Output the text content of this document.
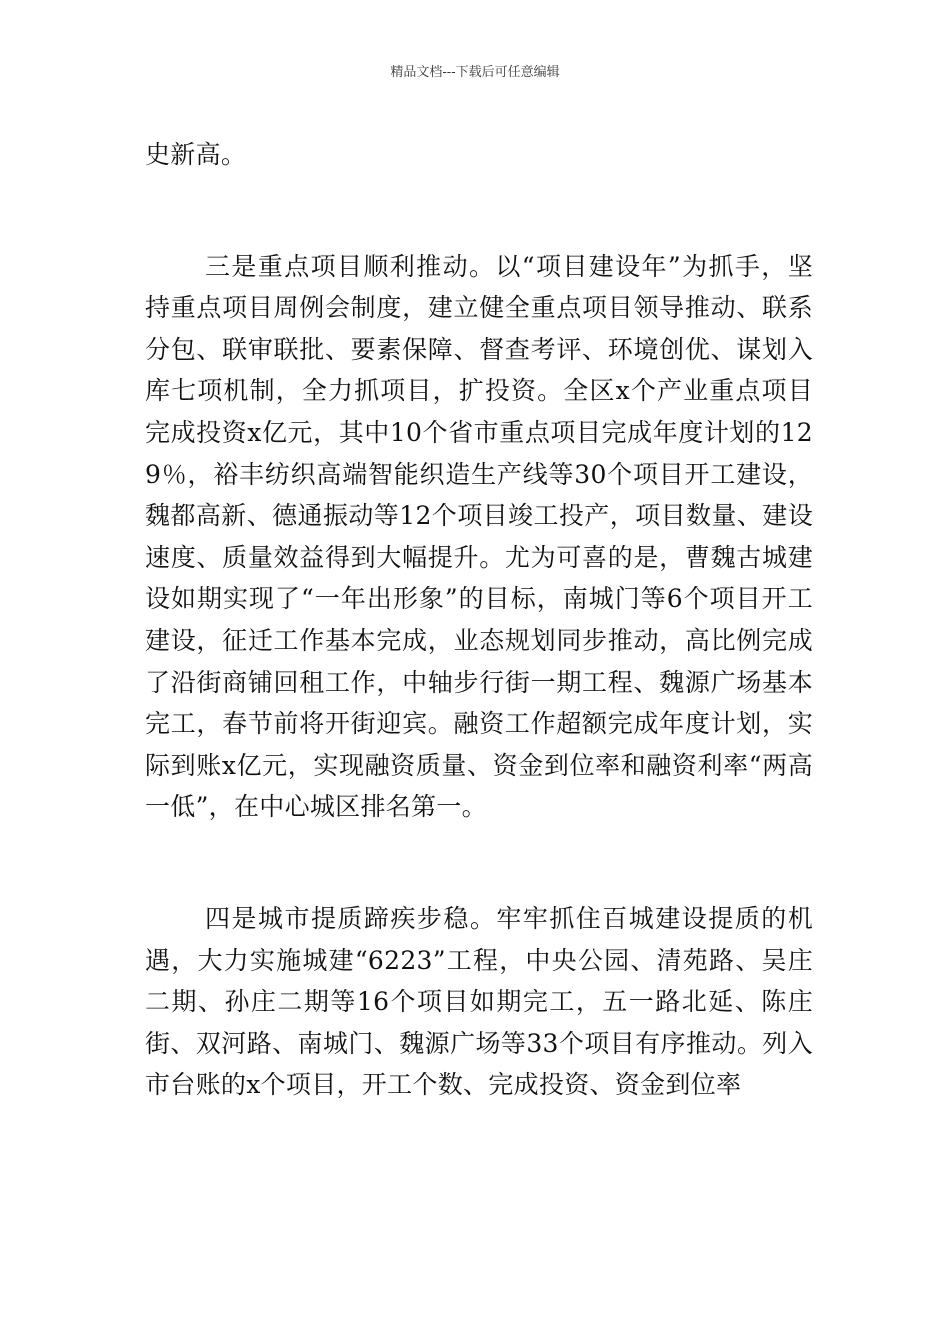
精品文档---下载后可任意编辑

史新高。

三是重点项目顺利推动。以“项目建设年”为抓手，坚持重点项目周例会制度，建立健全重点项目领导推动、联系分包、联审联批、要素保障、督查考评、环境创优、谋划入库七项机制，全力抓项目，扩投资。全区x个产业重点项目完成投资x亿元，其中10个省市重点项目完成年度计划的129％，裕丰纺织高端智能织造生产线等30个项目开工建设，魏都高新、德通振动等12个项目竣工投产，项目数量、建设速度、质量效益得到大幅提升。尤为可喜的是，曹魏古城建设如期实现了“一年出形象”的目标，南城门等6个项目开工建设，征迁工作基本完成，业态规划同步推动，高比例完成了沿街商铺回租工作，中轴步行街一期工程、魏源广场基本完工，春节前将开街迎宾。融资工作超额完成年度计划，实际到账x亿元，实现融资质量、资金到位率和融资利率“两高一低”，在中心城区排名第一。

四是城市提质蹄疾步稳。牢牢抓住百城建设提质的机遇，大力实施城建“6223”工程，中央公园、清苑路、吴庄二期、孙庄二期等16个项目如期完工，五一路北延、陈庄街、双河路、南城门、魏源广场等33个项目有序推动。列入市台账的x个项目，开工个数、完成投资、资金到位率
